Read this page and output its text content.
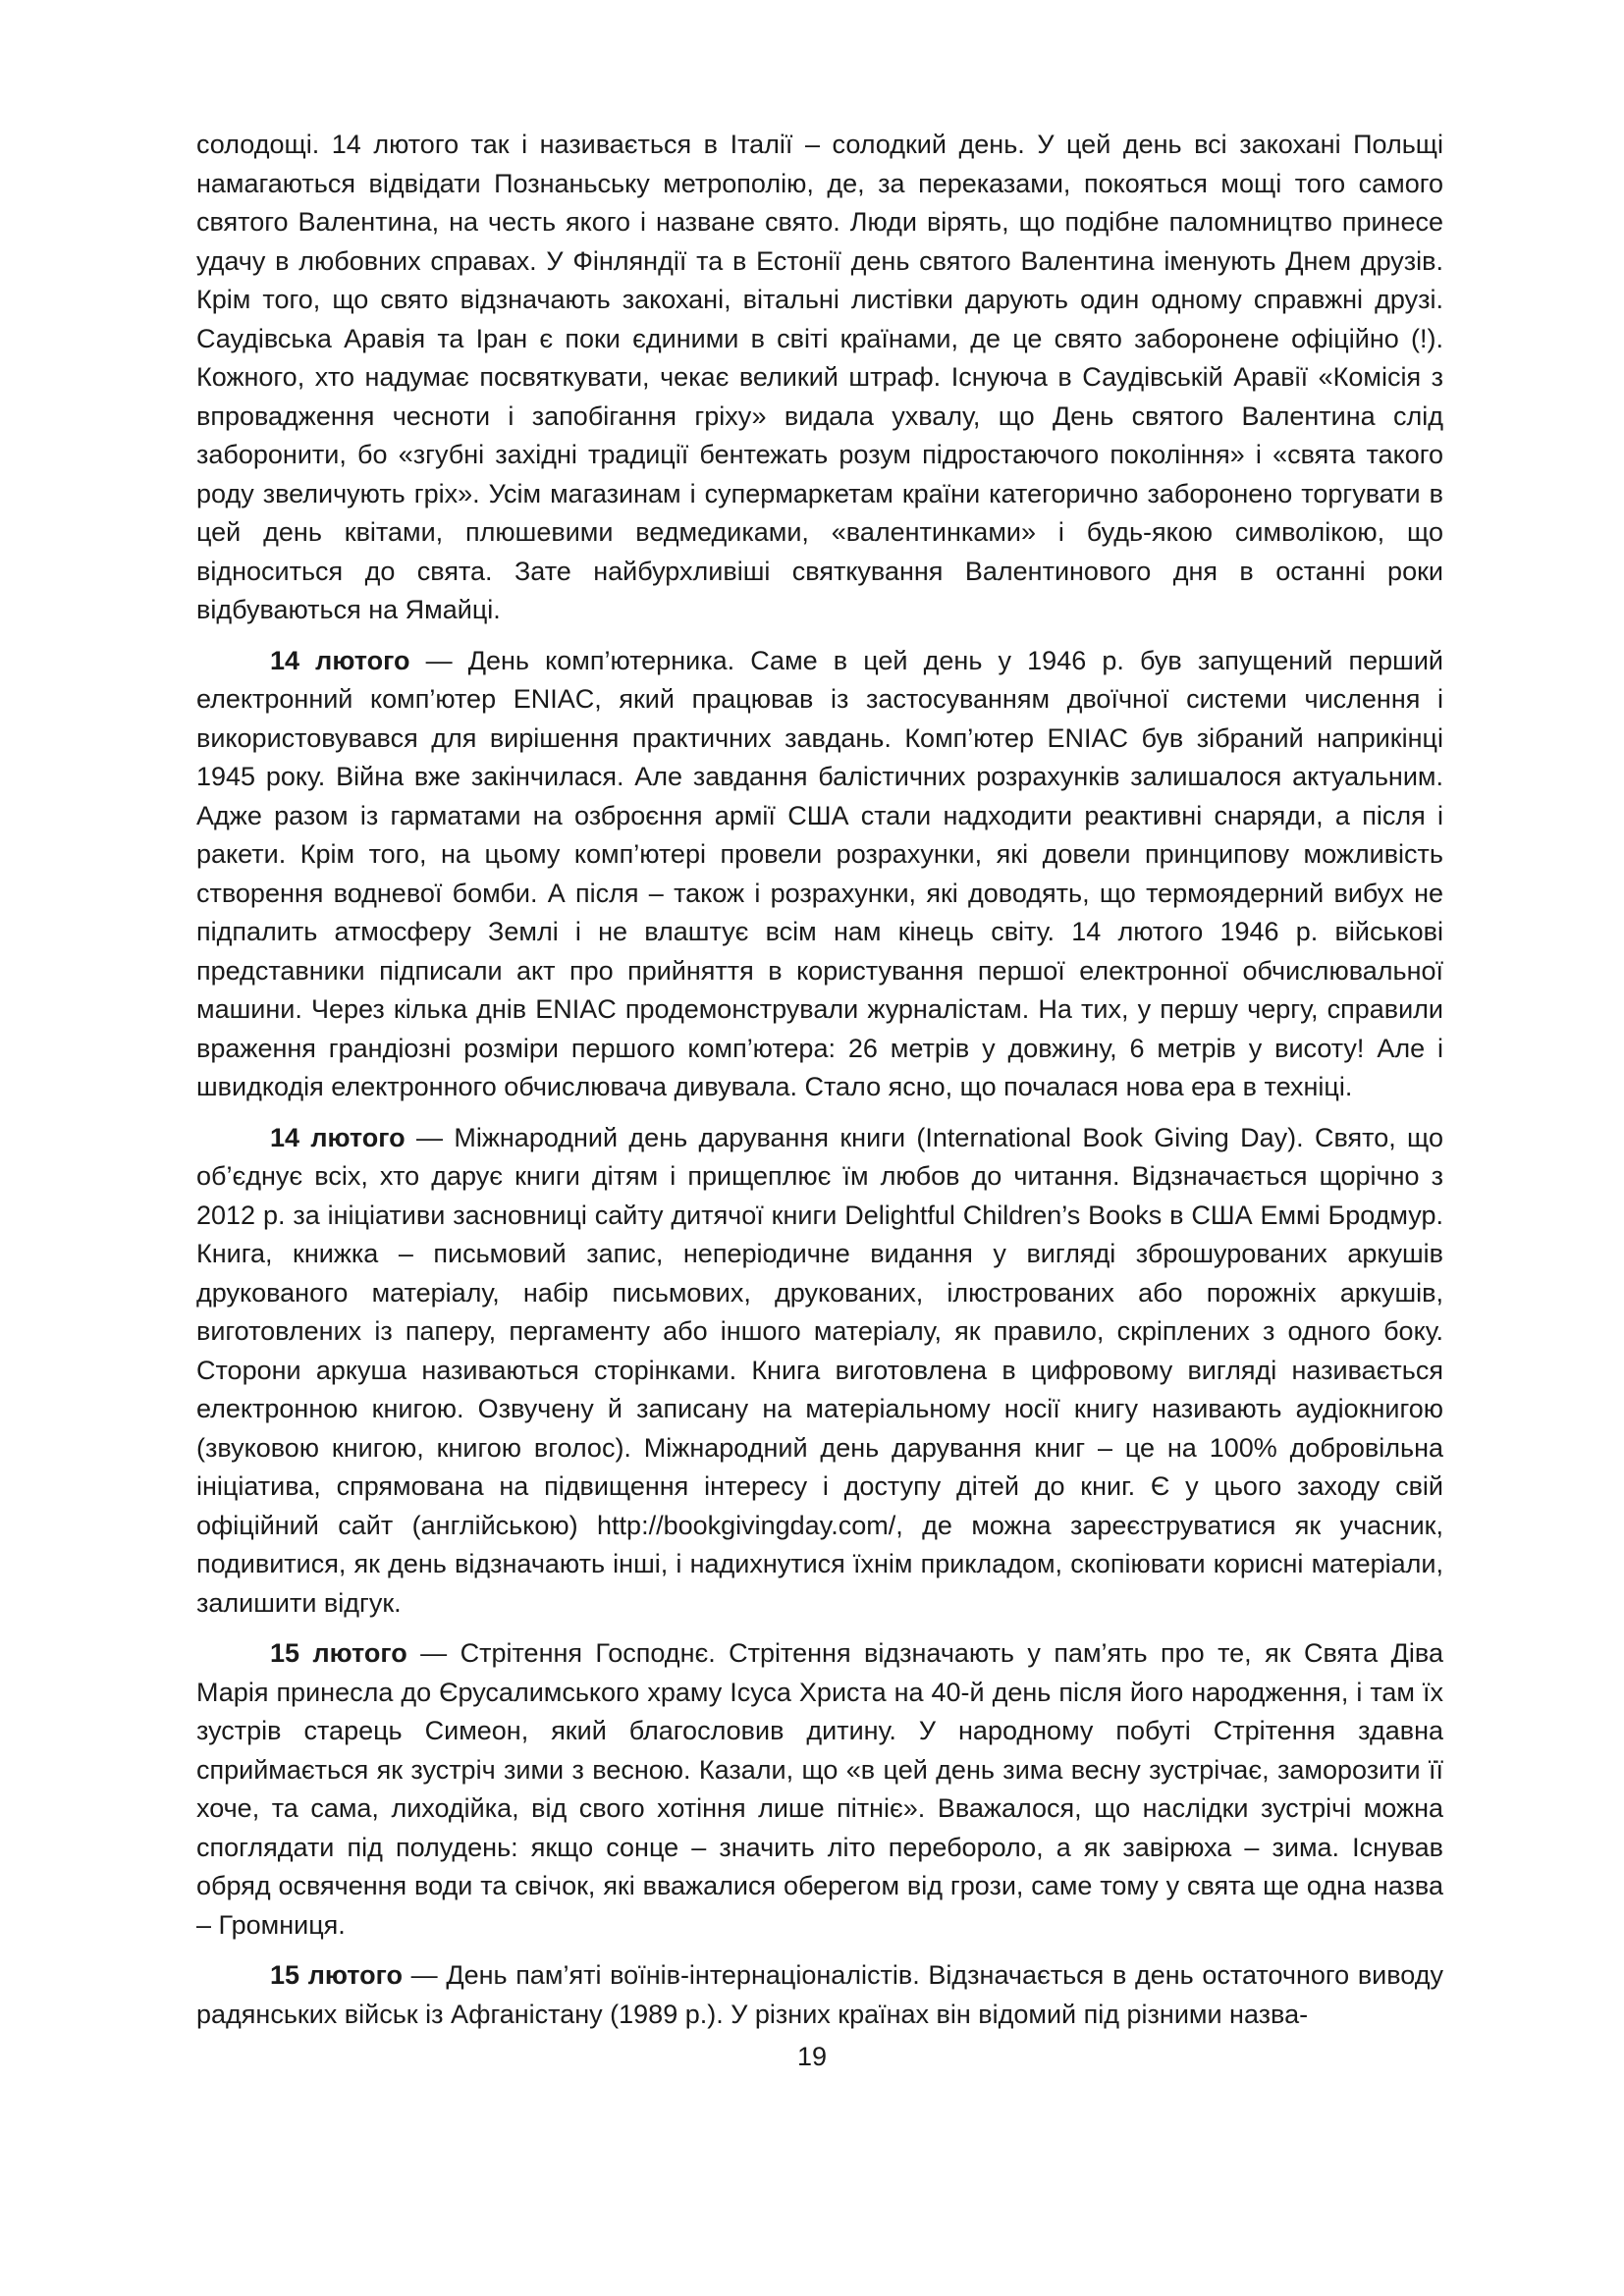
солодощі. 14 лютого так і називається в Італії – солодкий день. У цей день всі закохані Польщі намагаються відвідати Познаньську метрополію, де, за переказами, покояться мощі того самого святого Валентина, на честь якого і назване свято. Люди вірять, що подібне паломництво принесе удачу в любовних справах. У Фінляндії та в Естонії день святого Валентина іменують Днем друзів. Крім того, що свято відзначають закохані, вітальні листівки дарують один одному справжні друзі. Саудівська Аравія та Іран є поки єдиними в світі країнами, де це свято заборонене офіційно (!). Кожного, хто надумає посвяткувати, чекає великий штраф. Існуюча в Саудівській Аравії «Комісія з впровадження чесноти і запобігання гріху» видала ухвалу, що День святого Валентина слід заборонити, бо «згубні західні традиції бентежать розум підростаючого покоління» і «свята такого роду звеличують гріх». Усім магазинам і супермаркетам країни категорично заборонено торгувати в цей день квітами, плюшевими ведмедиками, «валентинками» і будь-якою символікою, що відноситься до свята. Зате найбурхливіші святкування Валентинового дня в останні роки відбуваються на Ямайці.

14 лютого — День комп’ютерника. Саме в цей день у 1946 р. був запущений перший електронний комп’ютер ENIAC, який працював із застосуванням двоїчної системи числення і використовувався для вирішення практичних завдань. Комп’ютер ENIAC був зібраний наприкінці 1945 року. Війна вже закінчилася. Але завдання балістичних розрахунків залишалося актуальним. Адже разом із гарматами на озброєння армії США стали надходити реактивні снаряди, а після і ракети. Крім того, на цьому комп’ютері провели розрахунки, які довели принципову можливість створення водневої бомби. А після – також і розрахунки, які доводять, що термоядерний вибух не підпалить атмосферу Землі і не влаштує всім нам кінець світу. 14 лютого 1946 р. військові представники підписали акт про прийняття в користування першої електронної обчислювальної машини. Через кілька днів ENIAC продемонстрували журналістам. На тих, у першу чергу, справили враження грандіозні розміри першого комп’ютера: 26 метрів у довжину, 6 метрів у висоту! Але і швидкодія електронного обчислювача дивувала. Стало ясно, що почалася нова ера в техніці.

14 лютого — Міжнародний день дарування книги (International Book Giving Day). Свято, що об’єднує всіх, хто дарує книги дітям і прищеплює їм любов до читання. Відзначається щорічно з 2012 р. за ініціативи засновниці сайту дитячої книги Delightful Children’s Books в США Еммі Бродмур. Книга, книжка – письмовий запис, неперіодичне видання у вигляді зброшурованих аркушів друкованого матеріалу, набір письмових, друкованих, ілюстрованих або порожніх аркушів, виготовлених із паперу, пергаменту або іншого матеріалу, як правило, скріплених з одного боку. Сторони аркуша називаються сторінками. Книга виготовлена в цифровому вигляді називається електронною книгою. Озвучену й записану на матеріальному носії книгу називають аудіокнигою (звуковою книгою, книгою вголос). Міжнародний день дарування книг – це на 100% добровільна ініціатива, спрямована на підвищення інтересу і доступу дітей до книг. Є у цього заходу свій офіційний сайт (англійською) http://bookgivingday.com/, де можна зареєструватися як учасник, подивитися, як день відзначають інші, і надихнутися їхнім прикладом, скопіювати корисні матеріали, залишити відгук.

15 лютого — Стрітення Господнє. Стрітення відзначають у пам’ять про те, як Свята Діва Марія принесла до Єрусалимського храму Ісуса Христа на 40-й день після його народження, і там їх зустрів старець Симеон, який благословив дитину. У народному побуті Стрітення здавна сприймається як зустріч зими з весною. Казали, що «в цей день зима весну зустрічає, заморозити її хоче, та сама, лиходійка, від свого хотіння лише пітніє». Вважалося, що наслідки зустрічі можна споглядати під полудень: якщо сонце – значить літо перебороло, а як завірюха – зима. Існував обряд освячення води та свічок, які вважалися оберегом від грози, саме тому у свята ще одна назва – Громниця.

15 лютого — День пам’яті воїнів-інтернаціоналістів. Відзначається в день остаточного виводу радянських військ із Афганістану (1989 р.). У різних країнах він відомий під різними назва-

19
